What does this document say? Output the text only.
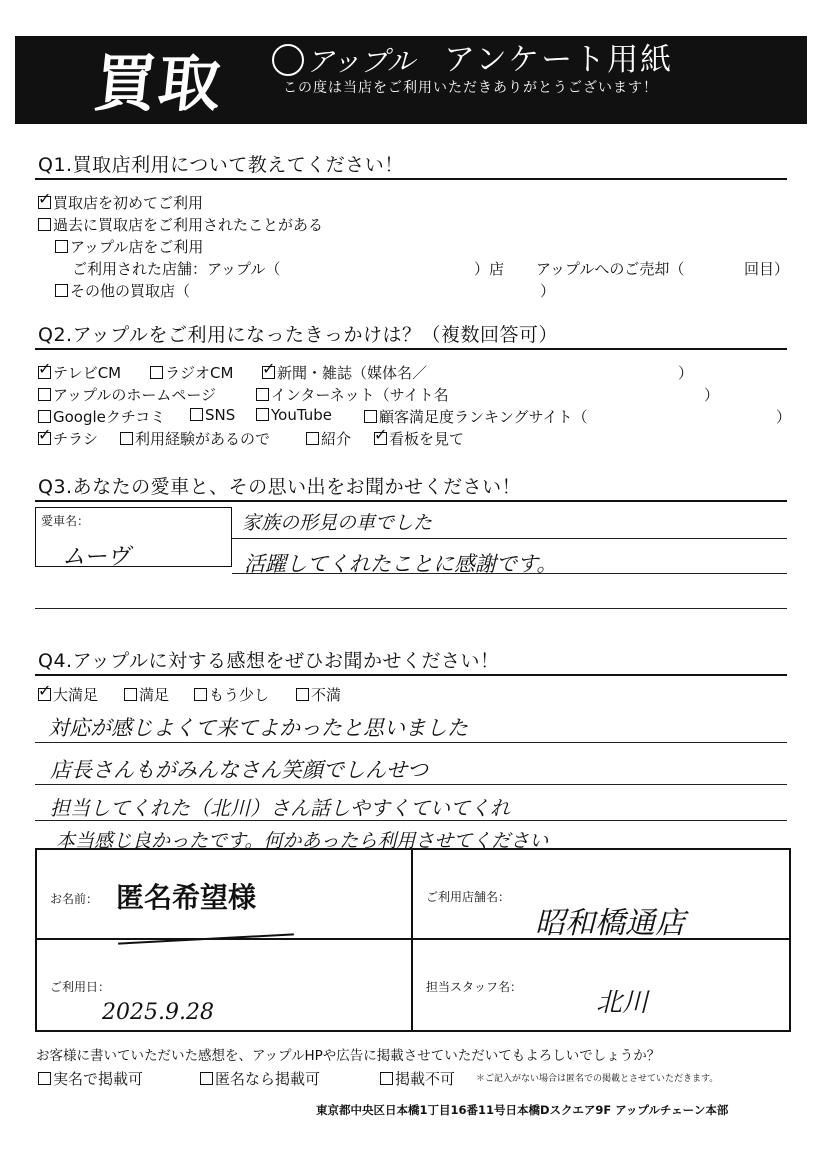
買取	アップル アンケート用紙
この度は当店をご利用いただきありがとうございます！
Q1.買取店利用について教えてください！
✓ 買取店を初めてご利用
過去に買取店をご利用されたことがある
アップル店をご利用
ご利用された店舗：アップル（	）店 アップルへのご売却（	回目）
その他の買取店（	）
Q2.アップルをご利用になったきっかけは？（複数回答可）
✓ テレビCM	ラジオCM ✓ 新聞・雑誌（媒体名／	）
アップルのホームページ	インターネット（サイト名	）
Googleクチコミ	SNS	YouTube	顧客満足度ランキングサイト（	）
✓ チラシ	利用経験があるので	紹介 ✓ 看板を見て
Q3.あなたの愛車と、その思い出をお聞かせください！
愛車名：
ムーヴ
家族の形見の車でした
活躍してくれたことに感謝です。
Q4.アップルに対する感想をぜひお聞かせください！
✓ 大満足	満足	もう少し	不満
対応が感じよくて来てよかったと思いました
店長さんもがみんなさん笑顔でしんせつ
担当してくれた（北川）さん話しやすくていてくれ
本当感じ良かったです。何かあったら利用させてください
お名前： 匿名希望様	ご利用店舗名：
昭和橋通店
ご利用日：
2025.9.28
担当スタッフ名：
北川
お客様に書いていただいた感想を、アップルHPや広告に掲載させていただいてもよろしいでしょうか？
実名で掲載可	匿名なら掲載可	掲載不可 ＊ご記入がない場合は匿名での掲載とさせていただきます。
東京都中央区日本橋1丁目16番11号日本橋Dスクエア9F アップルチェーン本部
